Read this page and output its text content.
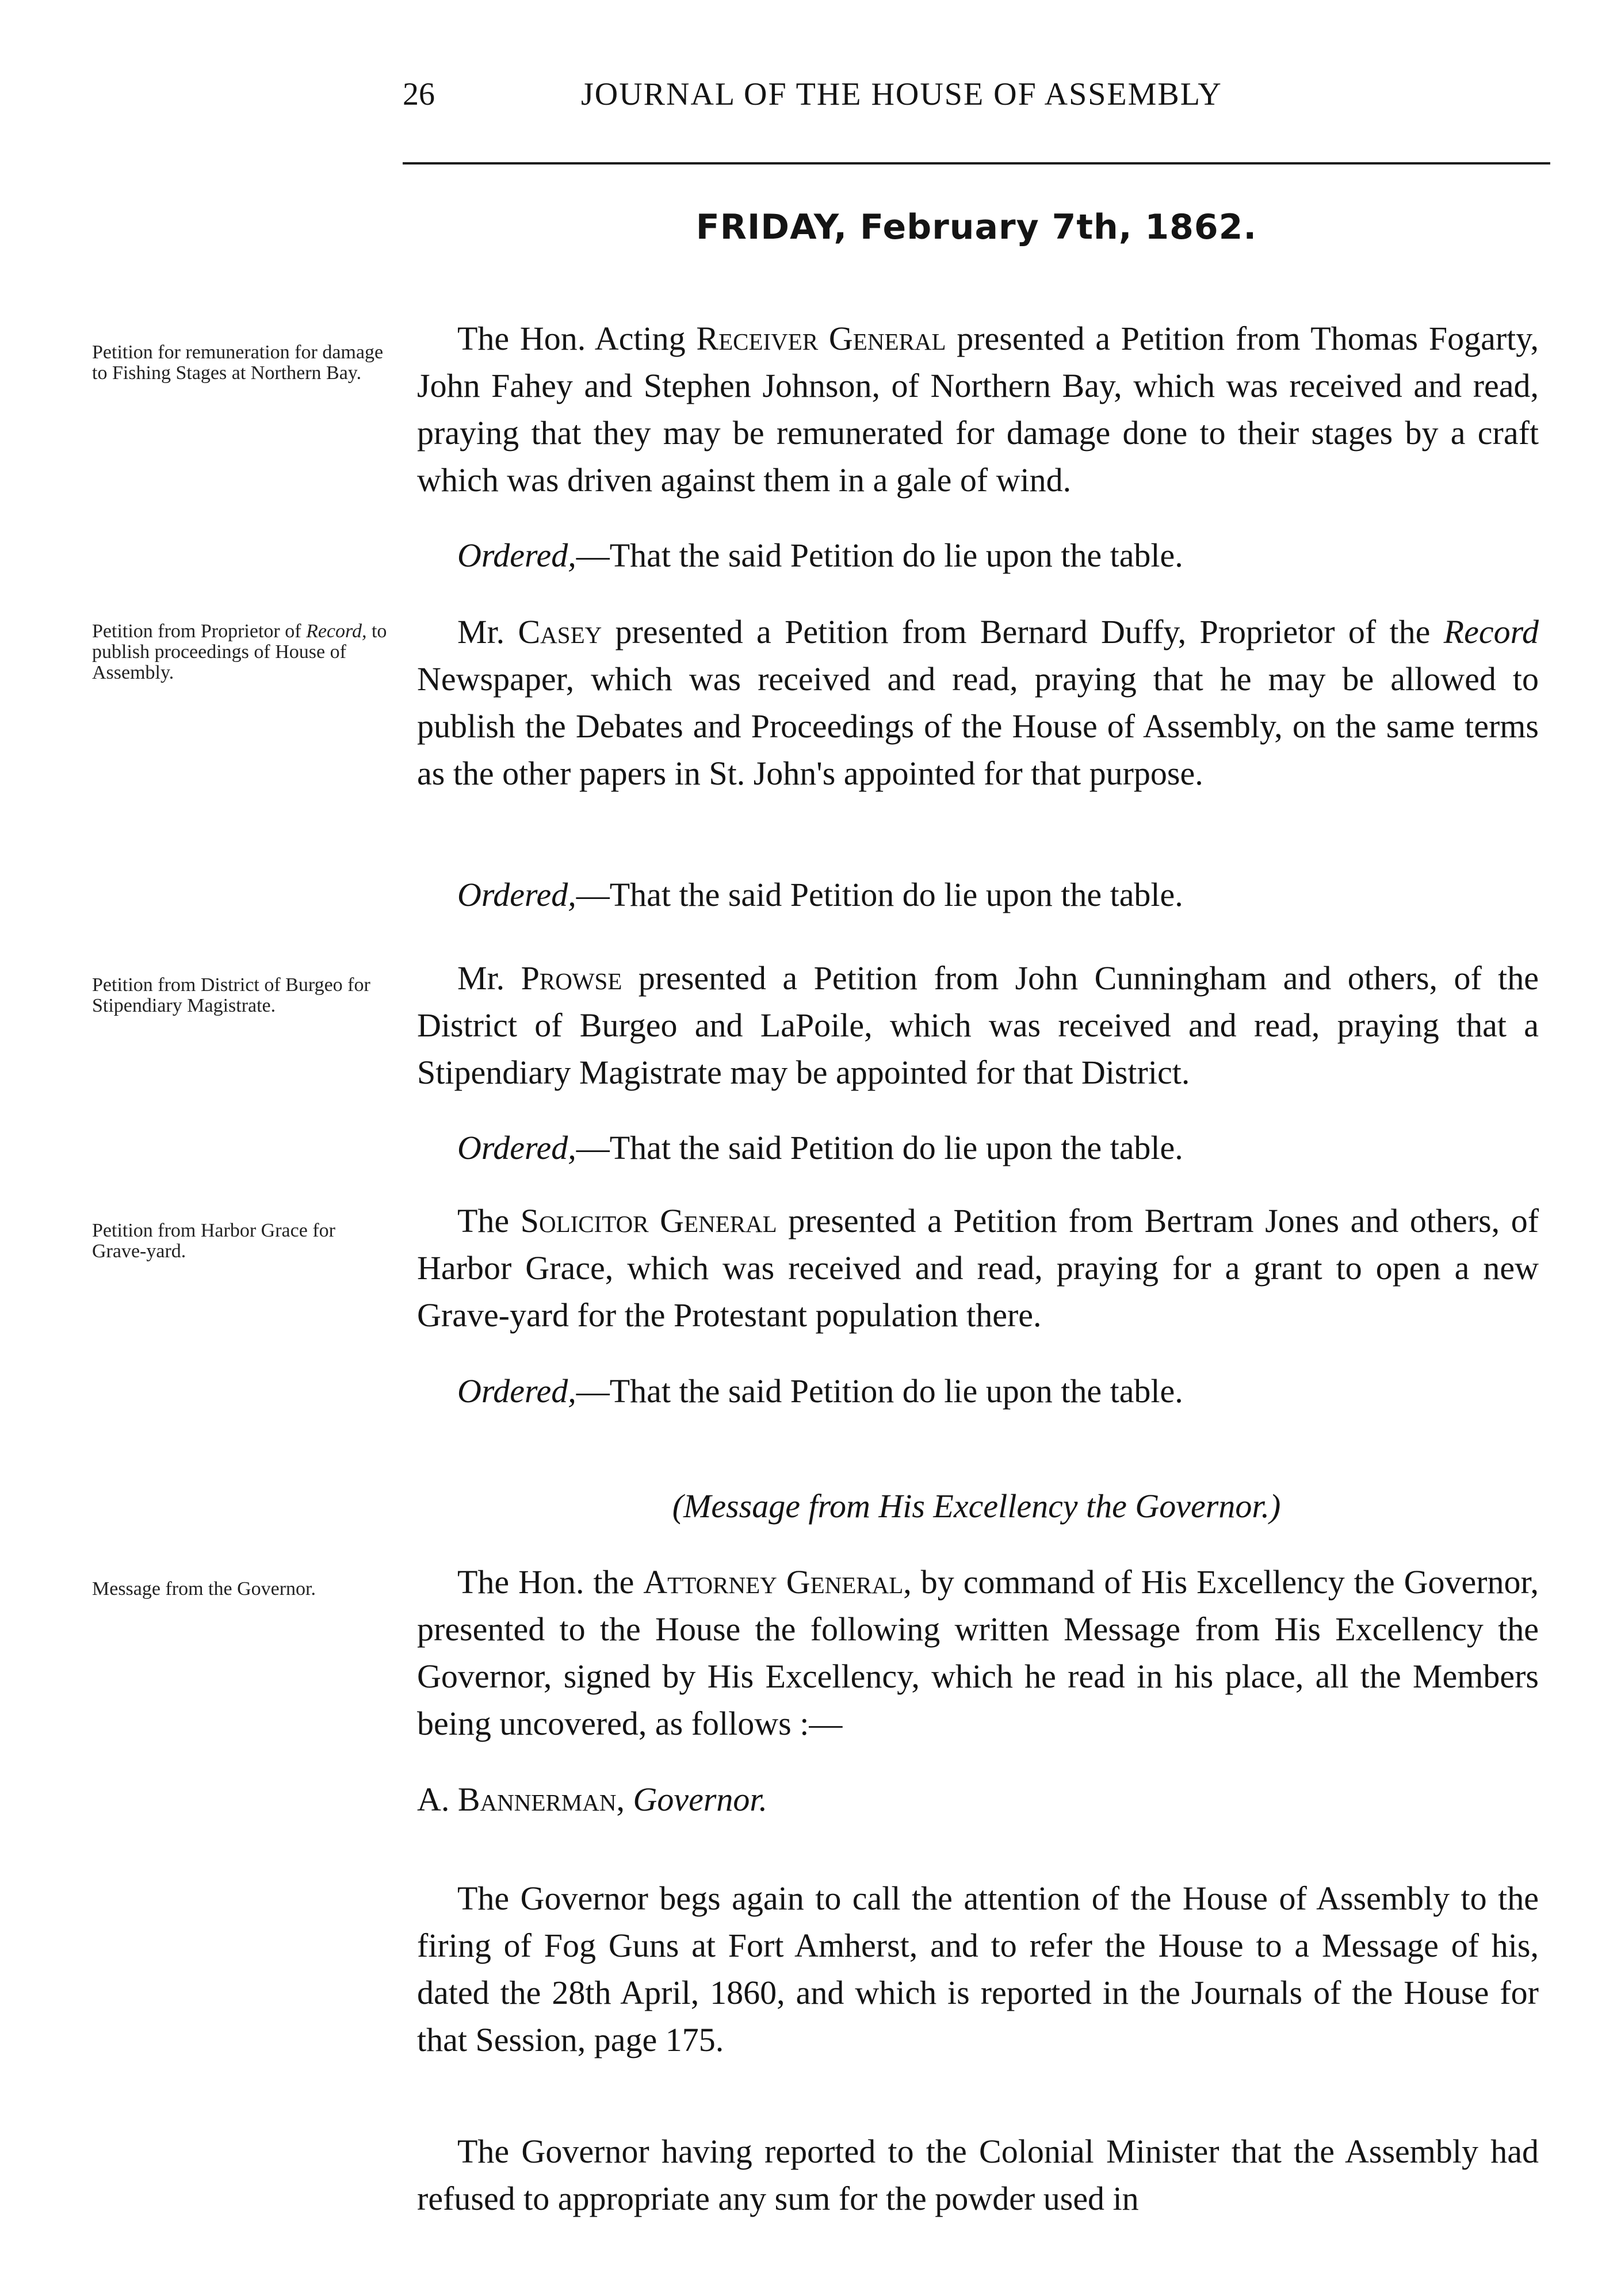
26	JOURNAL OF THE HOUSE OF ASSEMBLY
FRIDAY, February 7th, 1862.
Petition for remuneration for damage to Fishing Stages at Northern Bay.
The Hon. Acting Receiver General presented a Petition from Thomas Fogarty, John Fahey and Stephen Johnson, of Northern Bay, which was received and read, praying that they may be remunerated for damage done to their stages by a craft which was driven against them in a gale of wind.
Ordered,—That the said Petition do lie upon the table.
Petition from Proprietor of Record, to publish proceedings of House of Assembly.
Mr. Casey presented a Petition from Bernard Duffy, Proprietor of the Record Newspaper, which was received and read, praying that he may be allowed to publish the Debates and Proceedings of the House of Assembly, on the same terms as the other papers in St. John's appointed for that purpose.
Ordered,—That the said Petition do lie upon the table.
Petition from District of Burgeo for Stipendiary Magistrate.
Mr. Prowse presented a Petition from John Cunningham and others, of the District of Burgeo and LaPoile, which was received and read, praying that a Stipendiary Magistrate may be appointed for that District.
Ordered,—That the said Petition do lie upon the table.
Petition from Harbor Grace for Grave-yard.
The Solicitor General presented a Petition from Bertram Jones and others, of Harbor Grace, which was received and read, praying for a grant to open a new Grave-yard for the Protestant population there.
Ordered,—That the said Petition do lie upon the table.
(Message from His Excellency the Governor.)
Message from the Governor.	The Hon. the Attorney General, by command of His Excellency the Governor, presented to the House the following written Message from His Excellency the Governor, signed by His Excellency, which he read in his place, all the Members being uncovered, as follows :—
A. Bannerman, Governor.
The Governor begs again to call the attention of the House of Assembly to the firing of Fog Guns at Fort Amherst, and to refer the House to a Message of his, dated the 28th April, 1860, and which is reported in the Journals of the House for that Session, page 175.
The Governor having reported to the Colonial Minister that the Assembly had refused to appropriate any sum for the powder used in
